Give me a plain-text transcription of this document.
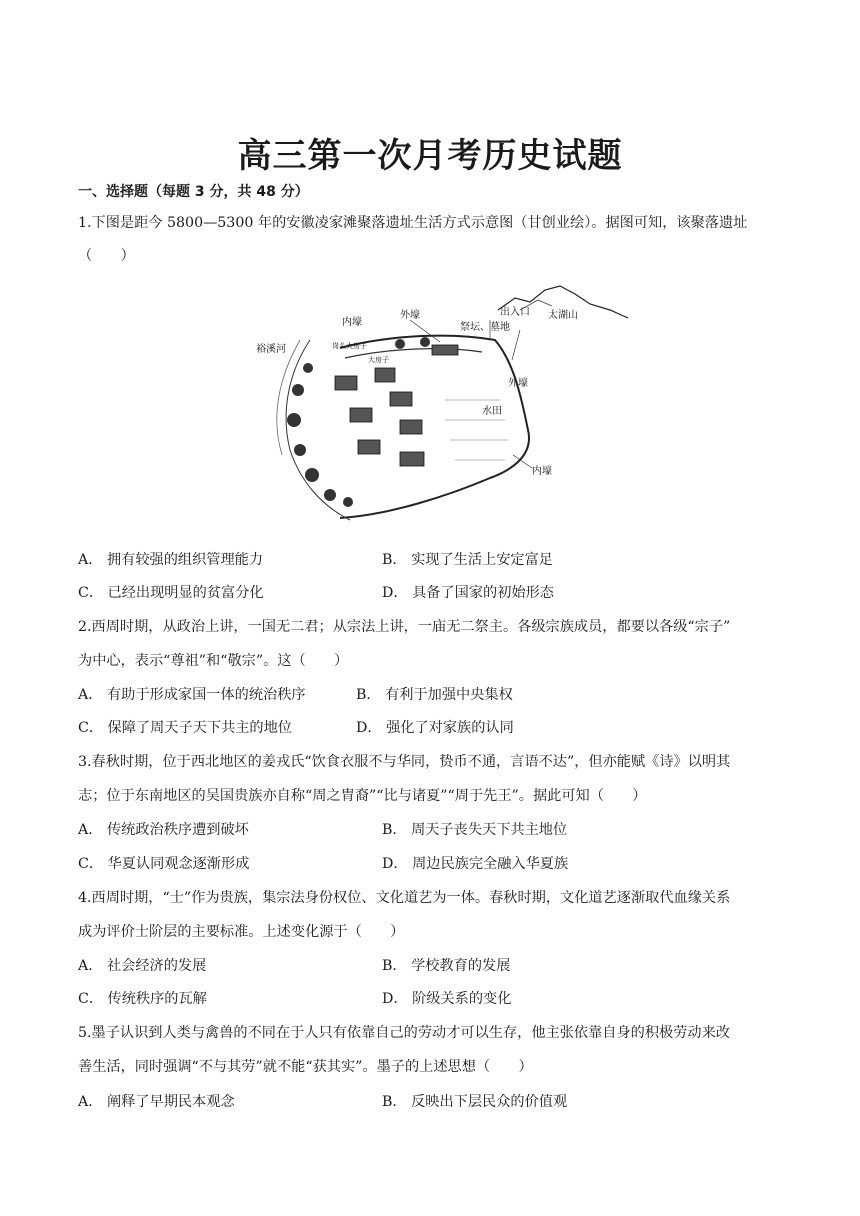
高三第一次月考历史试题
一、选择题（每题 3 分，共 48 分）
1.下图是距今 5800—5300 年的安徽凌家滩聚落遗址生活方式示意图（甘创业绘）。据图可知，该聚落遗址
（　　）
内壕
外壕	出入口
祭坛、墓地
太湖山
裕溪河	岗头大房子
大房子
外壕
水田
内壕
A． 拥有较强的组织管理能力	B． 实现了生活上安定富足
C． 已经出现明显的贫富分化	D． 具备了国家的初始形态
2.西周时期，从政治上讲，一国无二君；从宗法上讲，一庙无二祭主。各级宗族成员，都要以各级“宗子”
为中心，表示“尊祖”和“敬宗”。这（　　）
A． 有助于形成家国一体的统治秩序	B． 有利于加强中央集权
C． 保障了周天子天下共主的地位	D． 强化了对家族的认同
3.春秋时期，位于西北地区的姜戎氏“饮食衣服不与华同，贽币不通，言语不达”，但亦能赋《诗》以明其
志；位于东南地区的吴国贵族亦自称“周之胄裔”“比与诸夏”“周于先王”。据此可知（　　）
A． 传统政治秩序遭到破坏	B． 周天子丧失天下共主地位
C． 华夏认同观念逐渐形成	D． 周边民族完全融入华夏族
4.西周时期，“士”作为贵族，集宗法身份权位、文化道艺为一体。春秋时期，文化道艺逐渐取代血缘关系
成为评价士阶层的主要标准。上述变化源于（　　）
A． 社会经济的发展	B． 学校教育的发展
C． 传统秩序的瓦解	D． 阶级关系的变化
5.墨子认识到人类与禽兽的不同在于人只有依靠自己的劳动才可以生存，他主张依靠自身的积极劳动来改
善生活，同时强调“不与其劳”就不能“获其实”。墨子的上述思想（　　）
A． 阐释了早期民本观念	B． 反映出下层民众的价值观
